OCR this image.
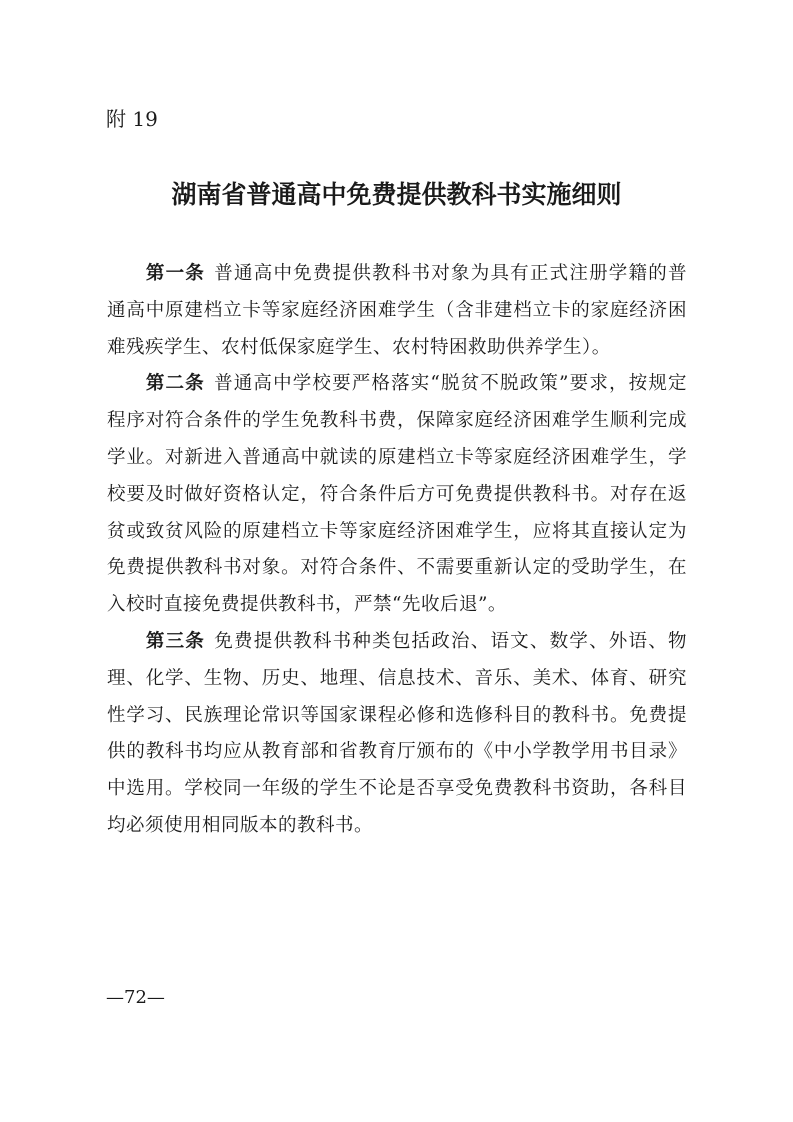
附 19
湖南省普通高中免费提供教科书实施细则

第一条 普通高中免费提供教科书对象为具有正式注册学籍的普通高中原建档立卡等家庭经济困难学生（含非建档立卡的家庭经济困难残疾学生、农村低保家庭学生、农村特困救助供养学生）。

第二条 普通高中学校要严格落实“脱贫不脱政策”要求，按规定程序对符合条件的学生免教科书费，保障家庭经济困难学生顺利完成学业。对新进入普通高中就读的原建档立卡等家庭经济困难学生，学校要及时做好资格认定，符合条件后方可免费提供教科书。对存在返贫或致贫风险的原建档立卡等家庭经济困难学生，应将其直接认定为免费提供教科书对象。对符合条件、不需要重新认定的受助学生，在入校时直接免费提供教科书，严禁“先收后退”。

第三条 免费提供教科书种类包括政治、语文、数学、外语、物理、化学、生物、历史、地理、信息技术、音乐、美术、体育、研究性学习、民族理论常识等国家课程必修和选修科目的教科书。免费提供的教科书均应从教育部和省教育厅颁布的《中小学教学用书目录》中选用。学校同一年级的学生不论是否享受免费教科书资助，各科目均必须使用相同版本的教科书。

—72—
